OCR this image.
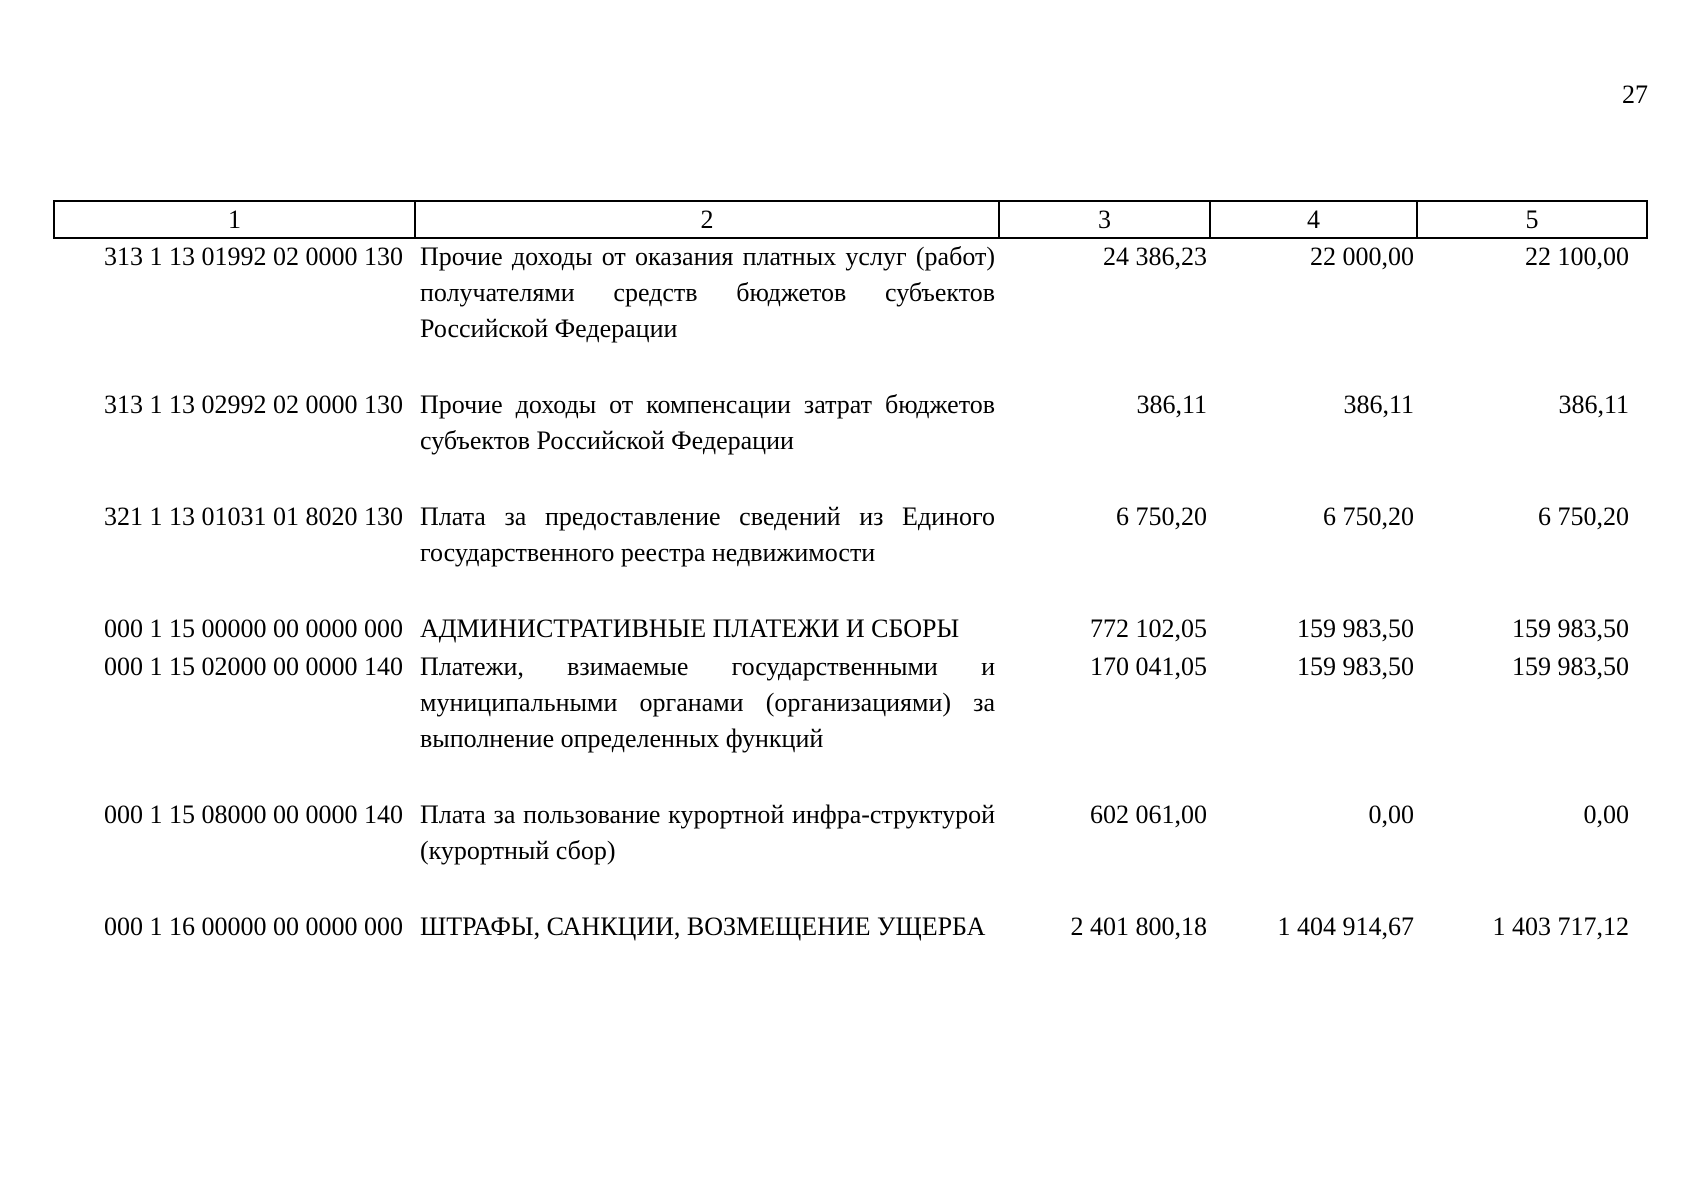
27
1	2	3	4	5
313 1 13 01992 02 0000 130	Прочие доходы от оказания платных услуг (работ) получателями средств бюджетов субъектов Российской Федерации	24 386,23	22 000,00	22 100,00
313 1 13 02992 02 0000 130	Прочие доходы от компенсации затрат бюджетов субъектов Российской Федерации	386,11	386,11	386,11
321 1 13 01031 01 8020 130	Плата за предоставление сведений из Единого государственного реестра недвижимости	6 750,20	6 750,20	6 750,20
000 1 15 00000 00 0000 000	АДМИНИСТРАТИВНЫЕ ПЛАТЕЖИ И СБОРЫ	772 102,05	159 983,50	159 983,50
000 1 15 02000 00 0000 140	Платежи, взимаемые государственными и муниципальными органами (организациями) за выполнение определенных функций	170 041,05	159 983,50	159 983,50
000 1 15 08000 00 0000 140	Плата за пользование курортной инфра-структурой (курортный сбор)	602 061,00	0,00	0,00
000 1 16 00000 00 0000 000	ШТРАФЫ, САНКЦИИ, ВОЗМЕЩЕНИЕ УЩЕРБА	2 401 800,18	1 404 914,67	1 403 717,12
